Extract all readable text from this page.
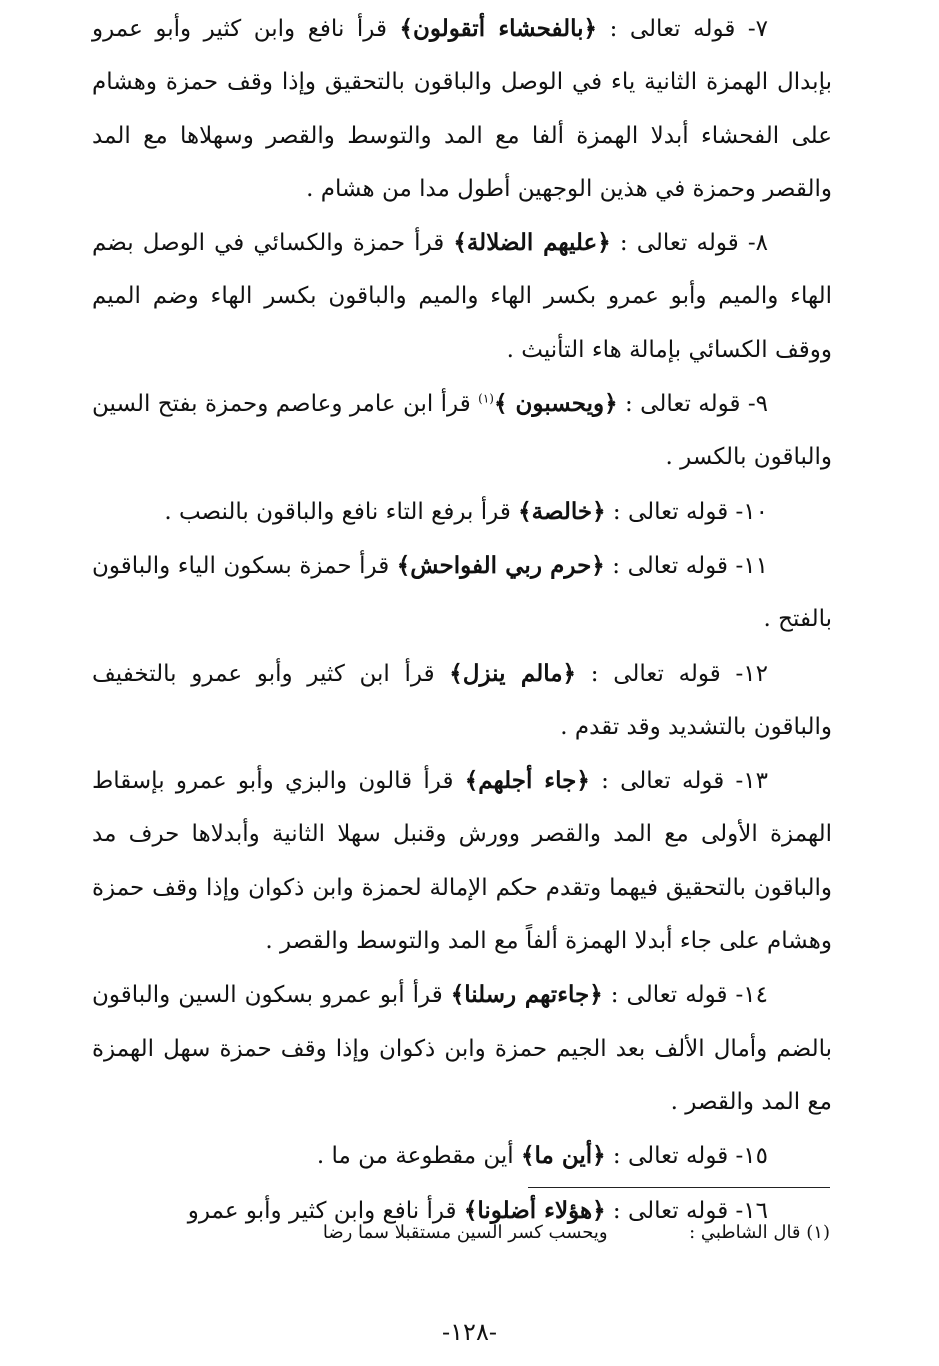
٧- قوله تعالى : ﴿بالفحشاء أتقولون﴾ قرأ نافع وابن كثير وأبو عمرو بإبدال الهمزة الثانية ياء في الوصل والباقون بالتحقيق وإذا وقف حمزة وهشام على الفحشاء أبدلا الهمزة ألفا مع المد والتوسط والقصر وسهلاها مع المد والقصر وحمزة في هذين الوجهين أطول مدا من هشام .

٨- قوله تعالى : ﴿عليهم الضلالة﴾ قرأ حمزة والكسائي في الوصل بضم الهاء والميم وأبو عمرو بكسر الهاء والميم والباقون بكسر الهاء وضم الميم ووقف الكسائي بإمالة هاء التأنيث .

٩- قوله تعالى : ﴿ويحسبون ﴾$^{(١)}$ قرأ ابن عامر وعاصم وحمزة بفتح السين والباقون بالكسر .

١٠- قوله تعالى : ﴿خالصة﴾ قرأ برفع التاء نافع والباقون بالنصب .

١١- قوله تعالى : ﴿حرم ربي الفواحش﴾ قرأ حمزة بسكون الياء والباقون بالفتح .

١٢- قوله تعالى : ﴿مالم ينزل﴾ قرأ ابن كثير وأبو عمرو بالتخفيف والباقون بالتشديد وقد تقدم .

١٣- قوله تعالى : ﴿جاء أجلهم﴾ قرأ قالون والبزي وأبو عمرو بإسقاط الهمزة الأولى مع المد والقصر وورش وقنبل سهلا الثانية وأبدلاها حرف مد والباقون بالتحقيق فيهما وتقدم حكم الإمالة لحمزة وابن ذكوان وإذا وقف حمزة وهشام على جاء أبدلا الهمزة ألفاً مع المد والتوسط والقصر .

١٤- قوله تعالى : ﴿جاءتهم رسلنا﴾ قرأ أبو عمرو بسكون السين والباقون بالضم وأمال الألف بعد الجيم حمزة وابن ذكوان وإذا وقف حمزة سهل الهمزة مع المد والقصر .

١٥- قوله تعالى : ﴿أين ما﴾ أين مقطوعة من ما .

١٦- قوله تعالى : ﴿هؤلاء أضلونا﴾ قرأ نافع وابن كثير وأبو عمرو

(١) قال الشاطبي :  ويحسب كسر السين مستقبلا سما رضا
-١٢٨-
